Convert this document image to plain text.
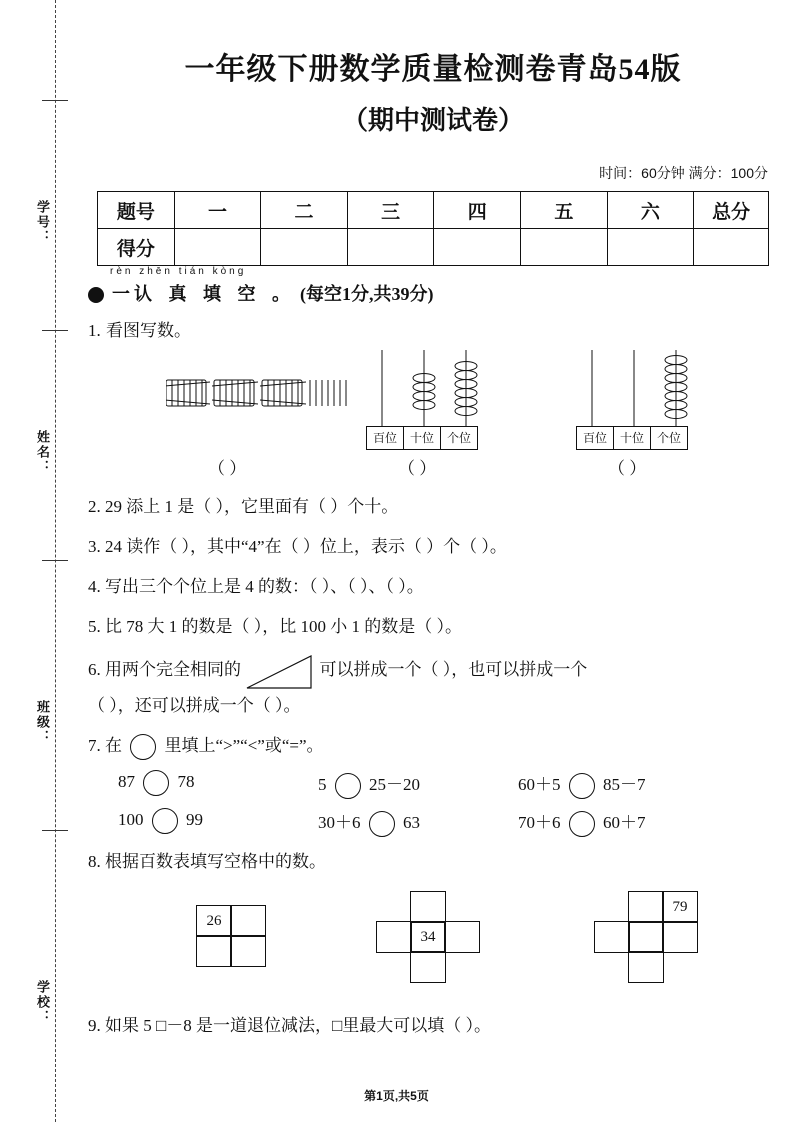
学号：
姓名：
班级：
学校：
一年级下册数学质量检测卷青岛54版
（期中测试卷）
时间：60分钟 满分：100分
题号	一	二	三	四	五	六	总分
得分							
rèn zhēn tián kòng
一 认 真 填 空 。 (每空1分,共39分)
1. 看图写数。
百位	十位	个位	百位	十位	个位
（ ）	（ ）	（ ）
2. 29 添上 1 是（ ），它里面有（ ）个十。
3. 24 读作（ ），其中“4”在（ ）位上，表示（ ）个（ ）。
4. 写出三个个位上是 4 的数：（ ）、（ ）、（ ）。
5. 比 78 大 1 的数是（ ），比 100 小 1 的数是（ ）。
6. 用两个完全相同的	可以拼成一个（ ），也可以拼成一个
（ ），还可以拼成一个（ ）。
7. 在	里填上“>”“<”或“=”。
87	78	5	25－20	60＋5	85－7
100	99	30＋6	63	70＋6	60＋7
8. 根据百数表填写空格中的数。
26
34
79
9. 如果 5 □－8 是一道退位减法，□里最大可以填（ ）。
第1页,共5页
